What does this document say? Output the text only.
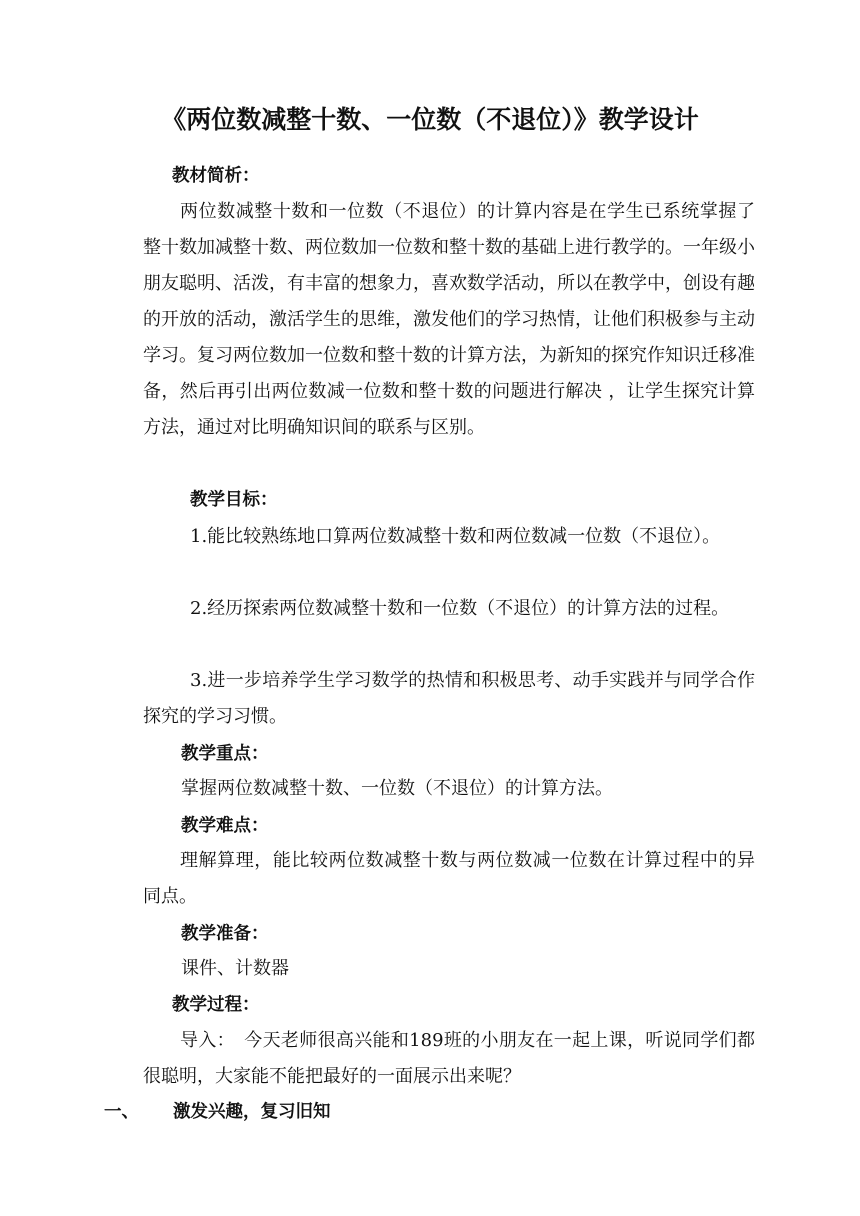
《两位数减整十数、一位数（不退位）》教学设计
教材简析：
两位数减整十数和一位数（不退位）的计算内容是在学生已系统掌握了整十数加减整十数、两位数加一位数和整十数的基础上进行教学的。一年级小朋友聪明、活泼，有丰富的想象力，喜欢数学活动，所以在教学中，创设有趣的开放的活动，激活学生的思维，激发他们的学习热情，让他们积极参与主动学习。复习两位数加一位数和整十数的计算方法，为新知的探究作知识迁移准备，然后再引出两位数减一位数和整十数的问题进行解决 ，让学生探究计算方法，通过对比明确知识间的联系与区别。
教学目标：
1.能比较熟练地口算两位数减整十数和两位数减一位数（不退位）。
2.经历探索两位数减整十数和一位数（不退位）的计算方法的过程。
3.进一步培养学生学习数学的热情和积极思考、动手实践并与同学合作探究的学习习惯。
教学重点：
掌握两位数减整十数、一位数（不退位）的计算方法。
教学难点：
理解算理，能比较两位数减整十数与两位数减一位数在计算过程中的异同点。
教学准备：
课件、计数器
教学过程：
导入：　今天老师很高兴能和189班的小朋友在一起上课，听说同学们都很聪明，大家能不能把最好的一面展示出来呢？
一、 激发兴趣，复习旧知
